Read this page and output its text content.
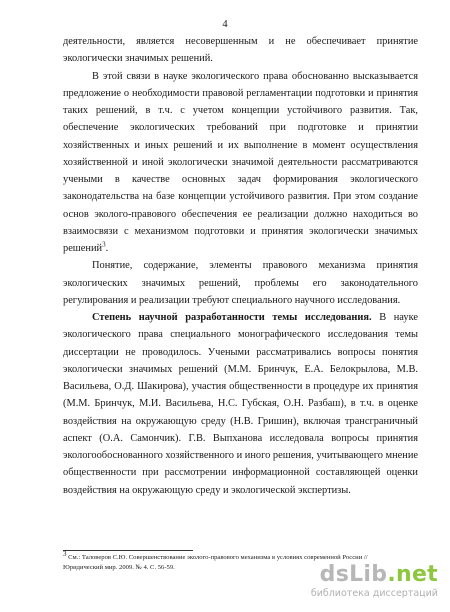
4

деятельности, является несовершенным и не обеспечивает принятие экологически значимых решений.

В этой связи в науке экологического права обоснованно высказывается предложение о необходимости правовой регламентации подготовки и принятия таких решений, в т.ч. с учетом концепции устойчивого развития. Так, обеспечение экологических требований при подготовке и принятии хозяйственных и иных решений и их выполнение в момент осуществления хозяйственной и иной экологически значимой деятельности рассматриваются учеными в качестве основных задач формирования экологического законодательства на базе концепции устойчивого развития. При этом создание основ эколого-правового обеспечения ее реализации должно находиться во взаимосвязи с механизмом подготовки и принятия экологически значимых решений$^3$.

Понятие, содержание, элементы правового механизма принятия экологических значимых решений, проблемы его законодательного регулирования и реализации требуют специального научного исследования.

Степень научной разработанности темы исследования. В науке экологического права специального монографического исследования темы диссертации не проводилось. Учеными рассматривались вопросы понятия экологически значимых решений (М.М. Бринчук, Е.А. Белокрылова, М.В. Васильева, О.Д. Шакирова), участия общественности в процедуре их принятия (М.М. Бринчук, М.И. Васильева, Н.С. Губская, О.Н. Разбаш), в т.ч. в оценке воздействия на окружающую среду (Н.В. Гришин), включая трансграничный аспект (О.А. Самончик). Г.В. Выпханова исследовала вопросы принятия экологообоснованного хозяйственного и иного решения, учитывающего мнение общественности при рассмотрении информационной составляющей оценки воздействия на окружающую среду и экологической экспертизы.

$^3$ См.: Таловеров С.Ю. Совершенствование эколого-правового механизма в условиях современной России //

Юридический мир. 2009. № 4. С. 56-59.	dsLib.net
библиотека диссертаций
